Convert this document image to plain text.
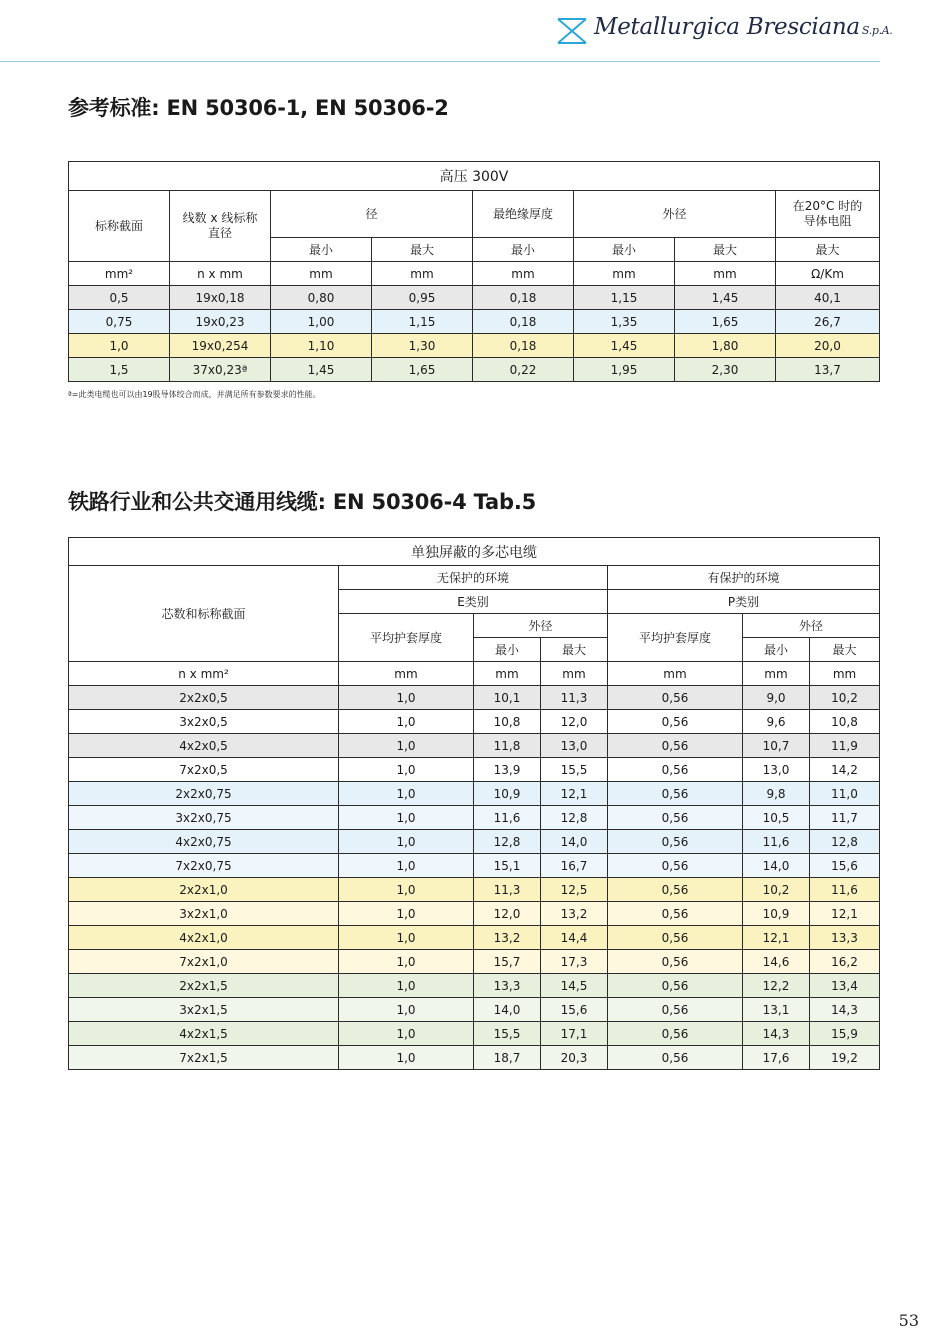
Metallurgica Bresciana S.p.A.
参考标准: EN 50306-1, EN 50306-2
高压 300V							
标称截面	线数 x 线标称直径	径		最绝缘厚度	外径		在20°C 时的导体电阻
		最小	最大	最小	最小	最大	最大
mm²	n x mm	mm	mm	mm	mm	mm	Ω/Km
0,5	19x0,18	0,80	0,95	0,18	1,15	1,45	40,1
0,75	19x0,23	1,00	1,15	0,18	1,35	1,65	26,7
1,0	19x0,254	1,10	1,30	0,18	1,45	1,80	20,0
1,5	37x0,23ª	1,45	1,65	0,22	1,95	2,30	13,7
ª=此类电缆也可以由19股导体绞合而成，并满足所有参数要求的性能。
铁路行业和公共交通用线缆: EN 50306-4 Tab.5
单独屏蔽的多芯电缆						
芯数和标称截面	无保护的环境			有保护的环境		
	E类别			P类别		
	平均护套厚度	外径		平均护套厚度	外径	
		最小	最大		最小	最大
n x mm²	mm	mm	mm	mm	mm	mm
2x2x0,5	1,0	10,1	11,3	0,56	9,0	10,2
3x2x0,5	1,0	10,8	12,0	0,56	9,6	10,8
4x2x0,5	1,0	11,8	13,0	0,56	10,7	11,9
7x2x0,5	1,0	13,9	15,5	0,56	13,0	14,2
2x2x0,75	1,0	10,9	12,1	0,56	9,8	11,0
3x2x0,75	1,0	11,6	12,8	0,56	10,5	11,7
4x2x0,75	1,0	12,8	14,0	0,56	11,6	12,8
7x2x0,75	1,0	15,1	16,7	0,56	14,0	15,6
2x2x1,0	1,0	11,3	12,5	0,56	10,2	11,6
3x2x1,0	1,0	12,0	13,2	0,56	10,9	12,1
4x2x1,0	1,0	13,2	14,4	0,56	12,1	13,3
7x2x1,0	1,0	15,7	17,3	0,56	14,6	16,2
2x2x1,5	1,0	13,3	14,5	0,56	12,2	13,4
3x2x1,5	1,0	14,0	15,6	0,56	13,1	14,3
4x2x1,5	1,0	15,5	17,1	0,56	14,3	15,9
7x2x1,5	1,0	18,7	20,3	0,56	17,6	19,2
53
